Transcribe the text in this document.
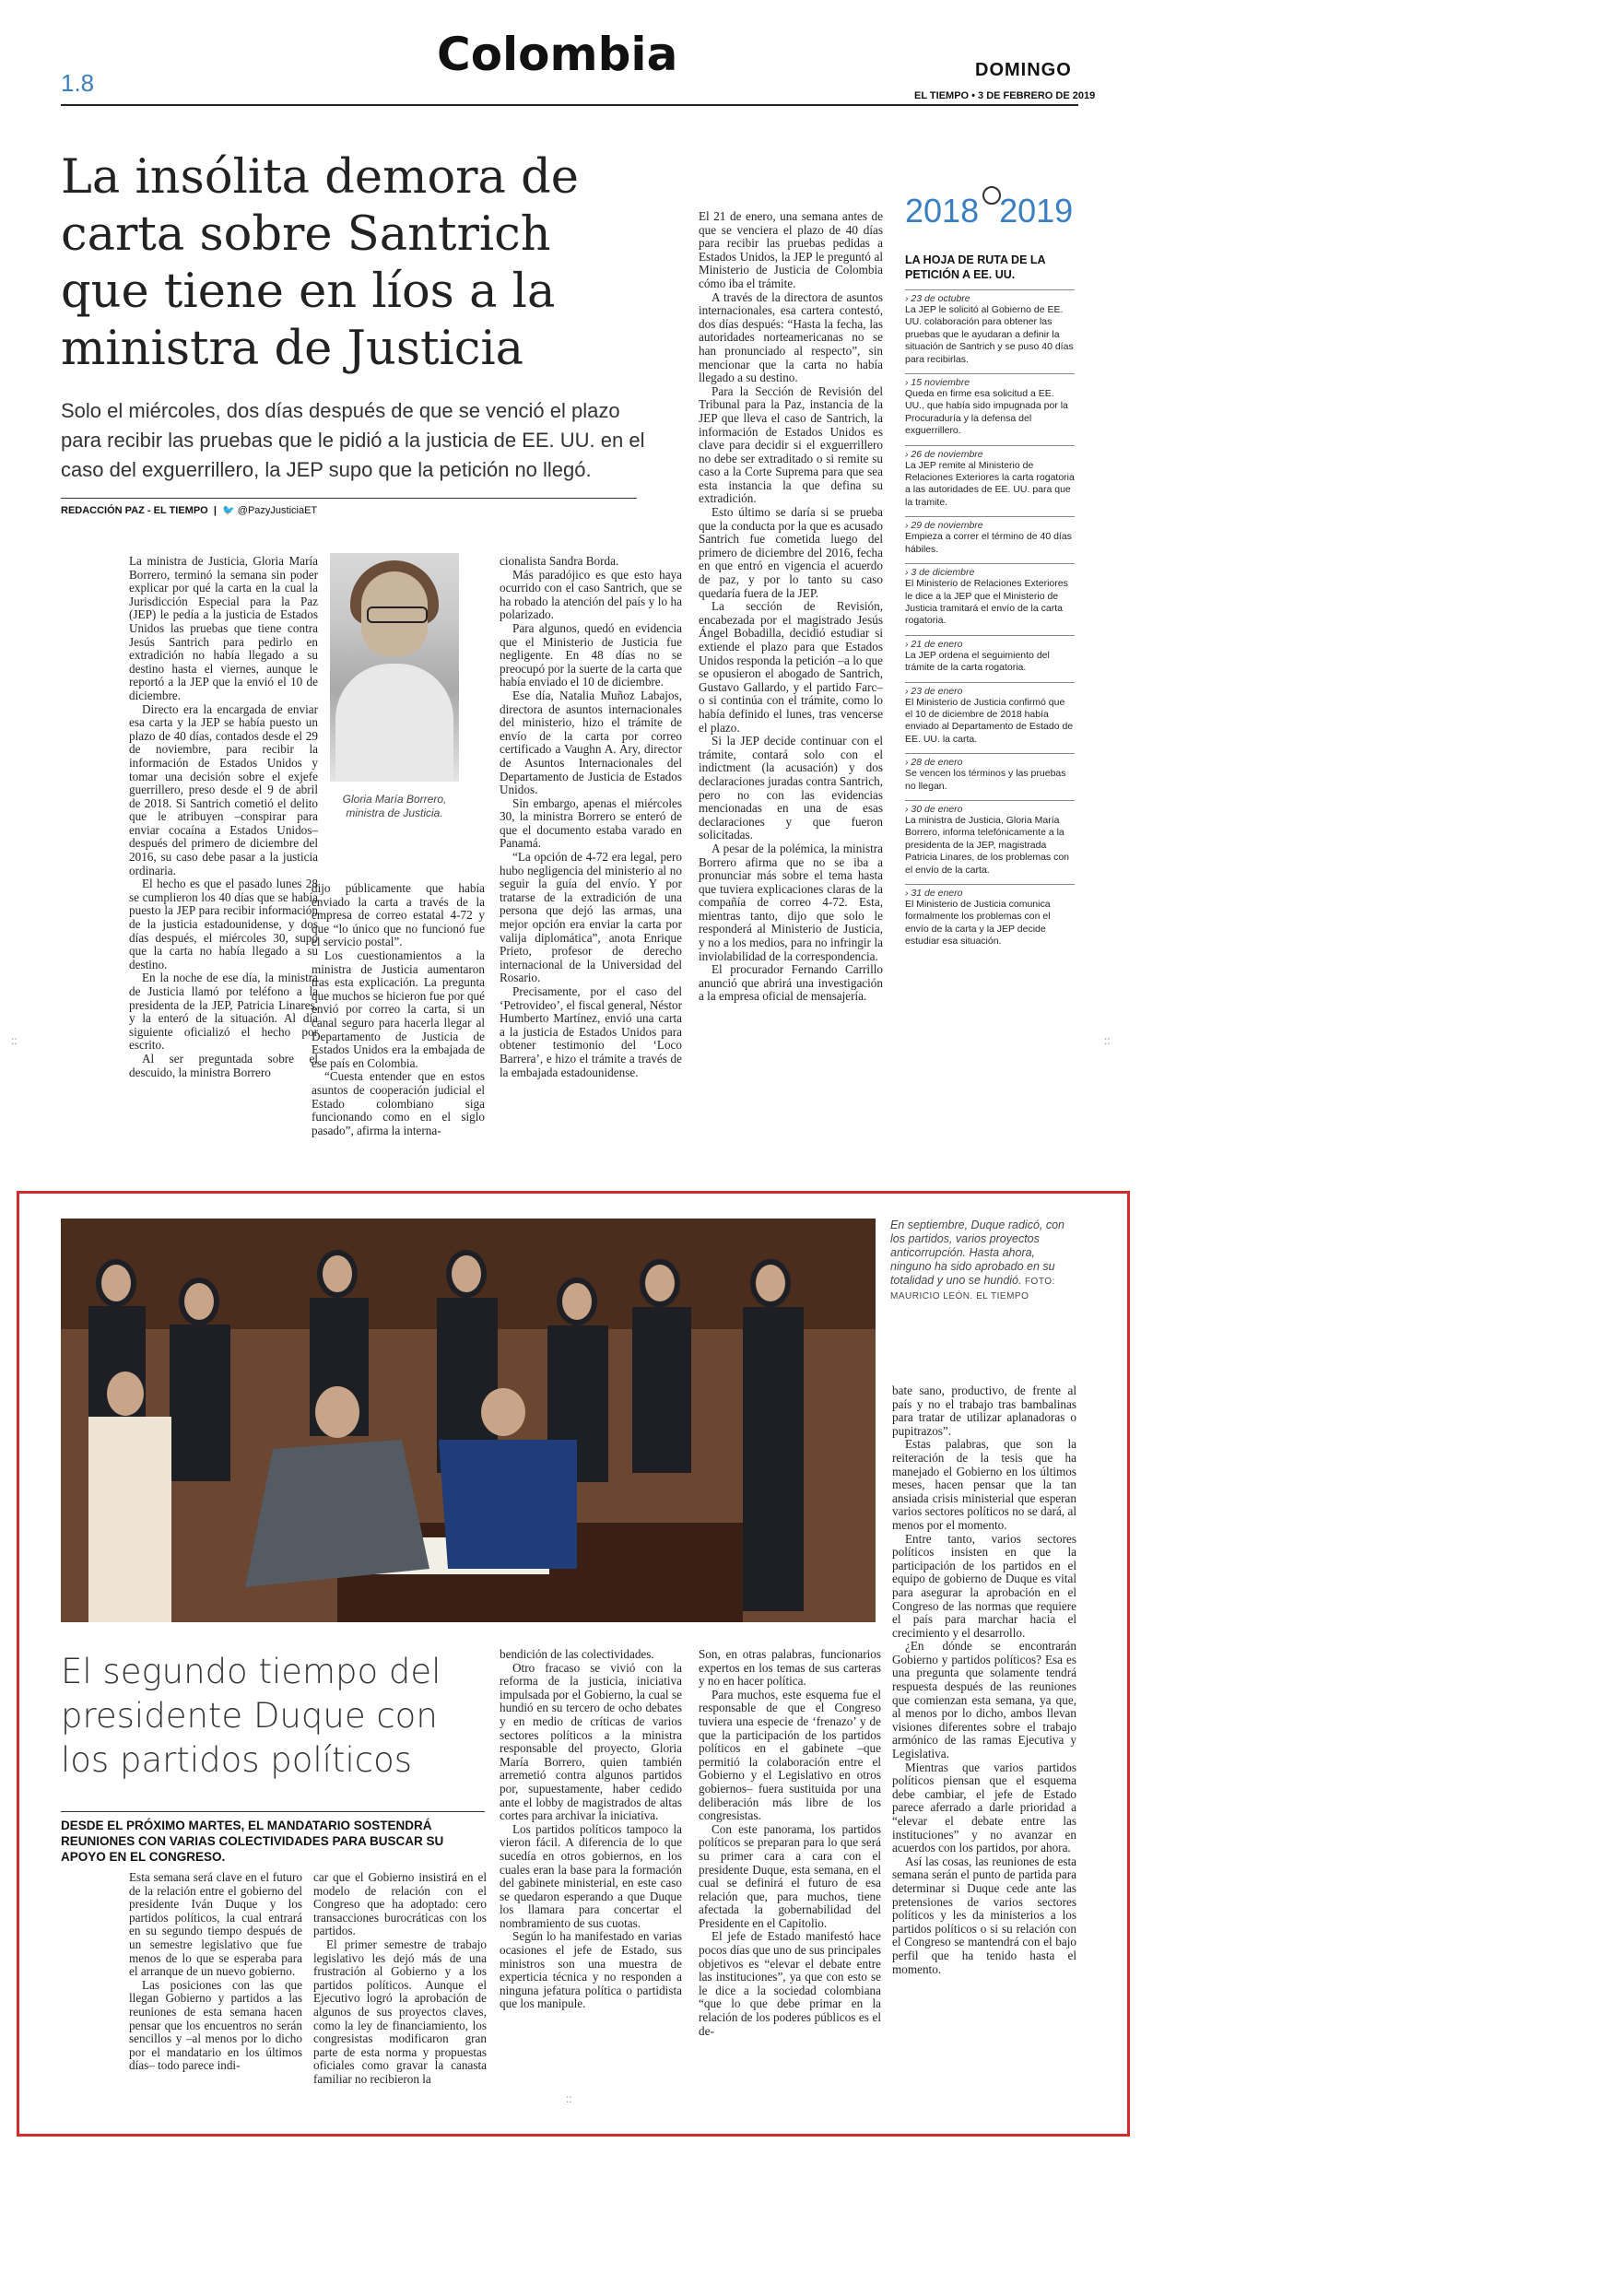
1.8
Colombia	DOMINGO
EL TIEMPO • 3 DE FEBRERO DE 2019
La insólita demora de carta sobre Santrich que tiene en líos a la ministra de Justicia
Solo el miércoles, dos días después de que se venció el plazo para recibir las pruebas que le pidió a la justicia de EE. UU. en el caso del exguerrillero, la JEP supo que la petición no llegó.
REDACCIÓN PAZ - EL TIEMPO  |  🐦 @PazyJusticiaET

La ministra de Justicia, Gloria María Borrero, terminó la semana sin poder explicar por qué la carta en la cual la Jurisdicción Especial para la Paz (JEP) le pedía a la justicia de Estados Unidos las pruebas que tiene contra Jesús Santrich para pedirlo en extradición no había llegado a su destino hasta el viernes, aunque le reportó a la JEP que la envió el 10 de diciembre.

Directo era la encargada de enviar esa carta y la JEP se había puesto un plazo de 40 días, contados desde el 29 de noviembre, para recibir la información de Estados Unidos y tomar una decisión sobre el exjefe guerrillero, preso desde el 9 de abril de 2018. Si Santrich cometió el delito que le atribuyen –conspirar para enviar cocaína a Estados Unidos– después del primero de diciembre del 2016, su caso debe pasar a la justicia ordinaria.

El hecho es que el pasado lunes 28 se cumplieron los 40 días que se había puesto la JEP para recibir información de la justicia estadounidense, y dos días después, el miércoles 30, supo que la carta no había llegado a su destino.

En la noche de ese día, la ministra de Justicia llamó por teléfono a la presidenta de la JEP, Patricia Linares, y la enteró de la situación. Al día siguiente oficializó el hecho por escrito.

Al ser preguntada sobre el descuido, la ministra Borrero

Gloria María Borrero, ministra de Justicia.

dijo públicamente que había enviado la carta a través de la empresa de correo estatal 4-72 y que “lo único que no funcionó fue el servicio postal”.

Los cuestionamientos a la ministra de Justicia aumentaron tras esta explicación. La pregunta que muchos se hicieron fue por qué envió por correo la carta, si un canal seguro para hacerla llegar al Departamento de Justicia de Estados Unidos era la embajada de ese país en Colombia.

“Cuesta entender que en estos asuntos de cooperación judicial el Estado colombiano siga funcionando como en el siglo pasado”, afirma la interna-

cionalista Sandra Borda.

Más paradójico es que esto haya ocurrido con el caso Santrich, que se ha robado la atención del país y lo ha polarizado.

Para algunos, quedó en evidencia que el Ministerio de Justicia fue negligente. En 48 días no se preocupó por la suerte de la carta que había enviado el 10 de diciembre.

Ese día, Natalia Muñoz Labajos, directora de asuntos internacionales del ministerio, hizo el trámite de envío de la carta por correo certificado a Vaughn A. Ary, director de Asuntos Internacionales del Departamento de Justicia de Estados Unidos.

Sin embargo, apenas el miércoles 30, la ministra Borrero se enteró de que el documento estaba varado en Panamá.

“La opción de 4-72 era legal, pero hubo negligencia del ministerio al no seguir la guía del envío. Y por tratarse de la extradición de una persona que dejó las armas, una mejor opción era enviar la carta por valija diplomática”, anota Enrique Prieto, profesor de derecho internacional de la Universidad del Rosario.

Precisamente, por el caso del ‘Petrovideo’, el fiscal general, Néstor Humberto Martínez, envió una carta a la justicia de Estados Unidos para obtener testimonio del ‘Loco Barrera’, e hizo el trámite a través de la embajada estadounidense.

El 21 de enero, una semana antes de que se venciera el plazo de 40 días para recibir las pruebas pedidas a Estados Unidos, la JEP le preguntó al Ministerio de Justicia de Colombia cómo iba el trámite.

A través de la directora de asuntos internacionales, esa cartera contestó, dos días después: “Hasta la fecha, las autoridades norteamericanas no se han pronunciado al respecto”, sin mencionar que la carta no había llegado a su destino.

Para la Sección de Revisión del Tribunal para la Paz, instancia de la JEP que lleva el caso de Santrich, la información de Estados Unidos es clave para decidir si el exguerrillero no debe ser extraditado o si remite su caso a la Corte Suprema para que sea esta instancia la que defina su extradición.

Esto último se daría si se prueba que la conducta por la que es acusado Santrich fue cometida luego del primero de diciembre del 2016, fecha en que entró en vigencia el acuerdo de paz, y por lo tanto su caso quedaría fuera de la JEP.

La sección de Revisión, encabezada por el magistrado Jesús Ángel Bobadilla, decidió estudiar si extiende el plazo para que Estados Unidos responda la petición –a lo que se opusieron el abogado de Santrich, Gustavo Gallardo, y el partido Farc– o si continúa con el trámite, como lo había definido el lunes, tras vencerse el plazo.

Si la JEP decide continuar con el trámite, contará solo con el indictment (la acusación) y dos declaraciones juradas contra Santrich, pero no con las evidencias mencionadas en una de esas declaraciones y que fueron solicitadas.

A pesar de la polémica, la ministra Borrero afirma que no se iba a pronunciar más sobre el tema hasta que tuviera explicaciones claras de la compañía de correo 4-72. Esta, mientras tanto, dijo que solo le responderá al Ministerio de Justicia, y no a los medios, para no infringir la inviolabilidad de la correspondencia.

El procurador Fernando Carrillo anunció que abrirá una investigación a la empresa oficial de mensajería.

2018 2019
LA HOJA DE RUTA DE LA PETICIÓN A EE. UU.
› 23 de octubre
La JEP le solicitó al Gobierno de EE. UU. colaboración para obtener las pruebas que le ayudaran a definir la situación de Santrich y se puso 40 días para recibirlas.
› 15 noviembre
Queda en firme esa solicitud a EE. UU., que había sido impugnada por la Procuraduría y la defensa del exguerrillero.
› 26 de noviembre
La JEP remite al Ministerio de Relaciones Exteriores la carta rogatoria a las autoridades de EE. UU. para que la tramite.
› 29 de noviembre
Empieza a correr el término de 40 días hábiles.
› 3 de diciembre
El Ministerio de Relaciones Exteriores le dice a la JEP que el Ministerio de Justicia tramitará el envío de la carta rogatoria.
› 21 de enero
La JEP ordena el seguimiento del trámite de la carta rogatoria.
› 23 de enero
El Ministerio de Justicia confirmó que el 10 de diciembre de 2018 había enviado al Departamento de Estado de EE. UU. la carta.
› 28 de enero
Se vencen los términos y las pruebas no llegan.
› 30 de enero
La ministra de Justicia, Gloria María Borrero, informa telefónicamente a la presidenta de la JEP, magistrada Patricia Linares, de los problemas con el envío de la carta.
› 31 de enero
El Ministerio de Justicia comunica formalmente los problemas con el envío de la carta y la JEP decide estudiar esa situación.
En septiembre, Duque radicó, con los partidos, varios proyectos anticorrupción. Hasta ahora, ninguno ha sido aprobado en su totalidad y uno se hundió. FOTO: MAURICIO LEÓN. EL TIEMPO
El segundo tiempo del presidente Duque con los partidos políticos
DESDE EL PRÓXIMO MARTES, EL MANDATARIO SOSTENDRÁ REUNIONES CON VARIAS COLECTIVIDADES PARA BUSCAR SU APOYO EN EL CONGRESO.

Esta semana será clave en el futuro de la relación entre el gobierno del presidente Iván Duque y los partidos políticos, la cual entrará en su segundo tiempo después de un semestre legislativo que fue menos de lo que se esperaba para el arranque de un nuevo gobierno.

Las posiciones con las que llegan Gobierno y partidos a las reuniones de esta semana hacen pensar que los encuentros no serán sencillos y –al menos por lo dicho por el mandatario en los últimos días– todo parece indi-

car que el Gobierno insistirá en el modelo de relación con el Congreso que ha adoptado: cero transacciones burocráticas con los partidos.

El primer semestre de trabajo legislativo les dejó más de una frustración al Gobierno y a los partidos políticos. Aunque el Ejecutivo logró la aprobación de algunos de sus proyectos claves, como la ley de financiamiento, los congresistas modificaron gran parte de esta norma y propuestas oficiales como gravar la canasta familiar no recibieron la

bendición de las colectividades.

Otro fracaso se vivió con la reforma de la justicia, iniciativa impulsada por el Gobierno, la cual se hundió en su tercero de ocho debates y en medio de críticas de varios sectores políticos a la ministra responsable del proyecto, Gloria María Borrero, quien también arremetió contra algunos partidos por, supuestamente, haber cedido ante el lobby de magistrados de altas cortes para archivar la iniciativa.

Los partidos políticos tampoco la vieron fácil. A diferencia de lo que sucedía en otros gobiernos, en los cuales eran la base para la formación del gabinete ministerial, en este caso se quedaron esperando a que Duque los llamara para concertar el nombramiento de sus cuotas.

Según lo ha manifestado en varias ocasiones el jefe de Estado, sus ministros son una muestra de experticia técnica y no responden a ninguna jefatura política o partidista que los manipule.

Son, en otras palabras, funcionarios expertos en los temas de sus carteras y no en hacer política.

Para muchos, este esquema fue el responsable de que el Congreso tuviera una especie de ‘frenazo’ y de que la participación de los partidos políticos en el gabinete –que permitió la colaboración entre el Gobierno y el Legislativo en otros gobiernos– fuera sustituida por una deliberación más libre de los congresistas.

Con este panorama, los partidos políticos se preparan para lo que será su primer cara a cara con el presidente Duque, esta semana, en el cual se definirá el futuro de esa relación que, para muchos, tiene afectada la gobernabilidad del Presidente en el Capitolio.

El jefe de Estado manifestó hace pocos días que uno de sus principales objetivos es “elevar el debate entre las instituciones”, ya que con esto se le dice a la sociedad colombiana “que lo que debe primar en la relación de los poderes públicos es el de-

bate sano, productivo, de frente al país y no el trabajo tras bambalinas para tratar de utilizar aplanadoras o pupitrazos”.

Estas palabras, que son la reiteración de la tesis que ha manejado el Gobierno en los últimos meses, hacen pensar que la tan ansiada crisis ministerial que esperan varios sectores políticos no se dará, al menos por el momento.

Entre tanto, varios sectores políticos insisten en que la participación de los partidos en el equipo de gobierno de Duque es vital para asegurar la aprobación en el Congreso de las normas que requiere el país para marchar hacia el crecimiento y el desarrollo.

¿En dónde se encontrarán Gobierno y partidos políticos? Esa es una pregunta que solamente tendrá respuesta después de las reuniones que comienzan esta semana, ya que, al menos por lo dicho, ambos llevan visiones diferentes sobre el trabajo armónico de las ramas Ejecutiva y Legislativa.

Mientras que varios partidos políticos piensan que el esquema debe cambiar, el jefe de Estado parece aferrado a darle prioridad a “elevar el debate entre las instituciones” y no avanzar en acuerdos con los partidos, por ahora.

Así las cosas, las reuniones de esta semana serán el punto de partida para determinar si Duque cede ante las pretensiones de varios sectores políticos y les da ministerios a los partidos políticos o si su relación con el Congreso se mantendrá con el bajo perfil que ha tenido hasta el momento.

::	::
::
